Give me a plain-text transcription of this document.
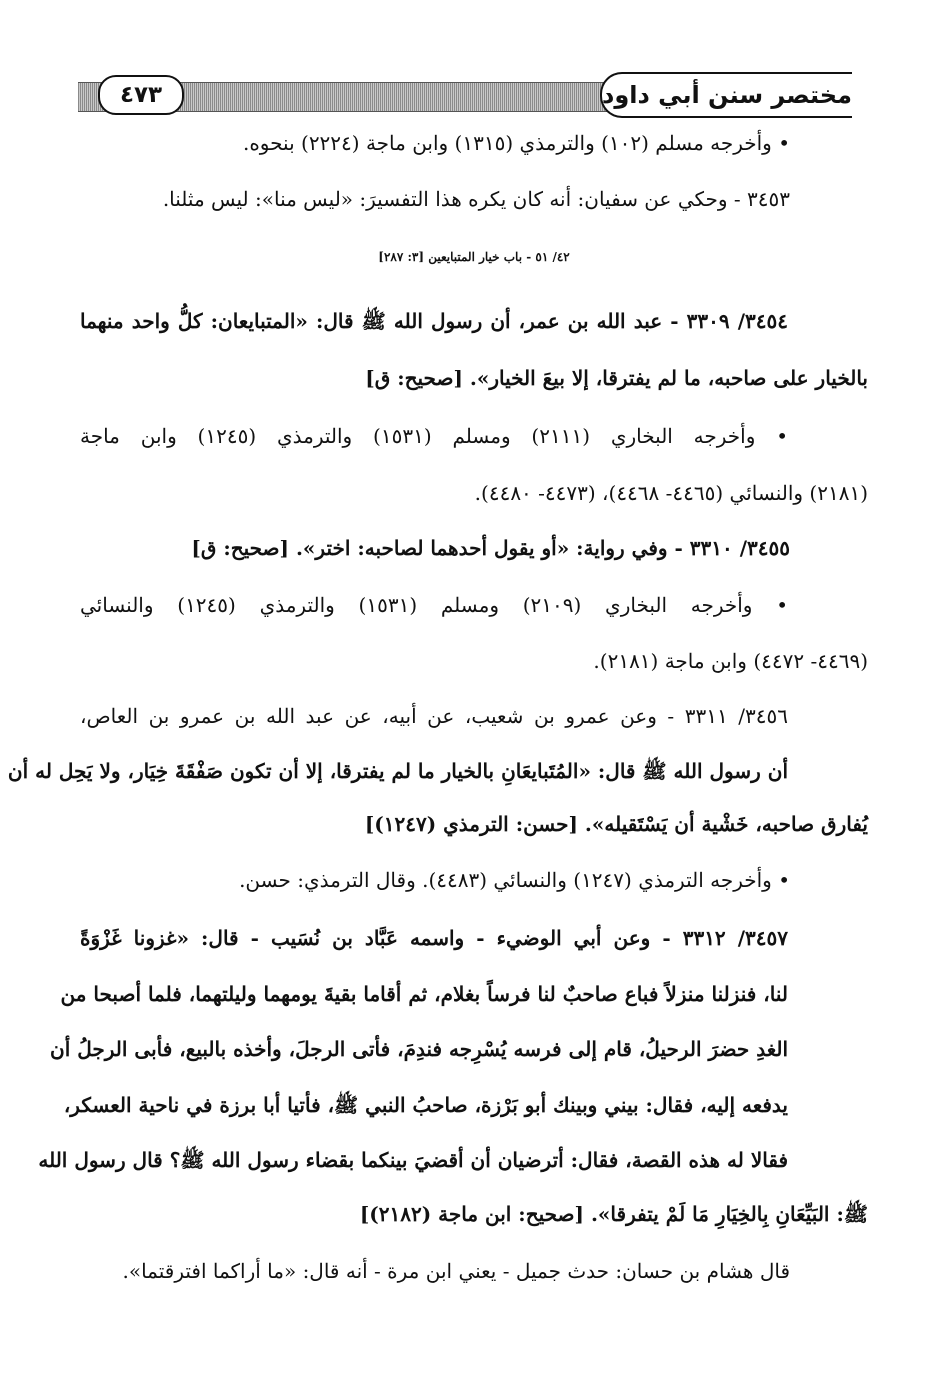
مختصر سنن أبي داود
٤٧٣
• وأخرجه مسلم (١٠٢) والترمذي (١٣١٥) وابن ماجة (٢٢٢٤) بنحوه.
٣٤٥٣ - وحكي عن سفيان: أنه كان يكره هذا التفسيرَ: «ليس منا»: ليس مثلنا.
٤٢/ ٥١ - باب خيار المتبايعين [٣: ٢٨٧]
٣٤٥٤/ ٣٣٠٩ - عبد الله بن عمر، أن رسول الله ﷺ قال: «المتبايعان: كلُّ واحد منهما
بالخيار على صاحبه، ما لم يفترقا، إلا بيعَ الخيار». [صحيح: ق]
• وأخرجه البخاري (٢١١١) ومسلم (١٥٣١) والترمذي (١٢٤٥) وابن ماجة
(٢١٨١) والنسائي (٤٤٦٥- ٤٤٦٨)، (٤٤٧٣- ٤٤٨٠).
٣٤٥٥/ ٣٣١٠ - وفي رواية: «أو يقول أحدهما لصاحبه: اختر». [صحيح: ق]
• وأخرجه البخاري (٢١٠٩) ومسلم (١٥٣١) والترمذي (١٢٤٥) والنسائي
(٤٤٦٩- ٤٤٧٢) وابن ماجة (٢١٨١).
٣٤٥٦/ ٣٣١١ - وعن عمرو بن شعيب، عن أبيه، عن عبد الله بن عمرو بن العاص،
أن رسول الله ﷺ قال: «المُتَبايعَانِ بالخيار ما لم يفترقا، إلا أن تكون صَفْقَةَ خِيَار، ولا يَحِل له أن
يُفارق صاحبه، خَشْية أن يَسْتَقيله». [حسن: الترمذي (١٢٤٧)]
• وأخرجه الترمذي (١٢٤٧) والنسائي (٤٤٨٣). وقال الترمذي: حسن.
٣٤٥٧/ ٣٣١٢ - وعن أبي الوضيء - واسمه عَبَّاد بن نُسَيب - قال: «غزونا غَزْوَةً
لنا، فنزلنا منزلاً فباع صاحبٌ لنا فرساً بغلام، ثم أقاما بقيةَ يومهما وليلتهما، فلما أصبحا من
الغدِ حضرَ الرحيلُ، قام إلى فرسه يُسْرِجه فندِمَ، فأتى الرجلَ، وأخذه بالبيع، فأبى الرجلُ أن
يدفعه إليه، فقال: بيني وبينك أبو بَرْزة، صاحبُ النبي ﷺ، فأتيا أبا برزة في ناحية العسكر،
فقالا له هذه القصة، فقال: أترضيان أن أقضيَ بينكما بقضاء رسول الله ﷺ؟ قال رسول الله
ﷺ: البَيِّعَانِ بِالخِيَارِ مَا لَمْ يتفرقا». [صحيح: ابن ماجة (٢١٨٢)]
قال هشام بن حسان: حدث جميل - يعني ابن مرة - أنه قال: «ما أراكما افترقتما».
